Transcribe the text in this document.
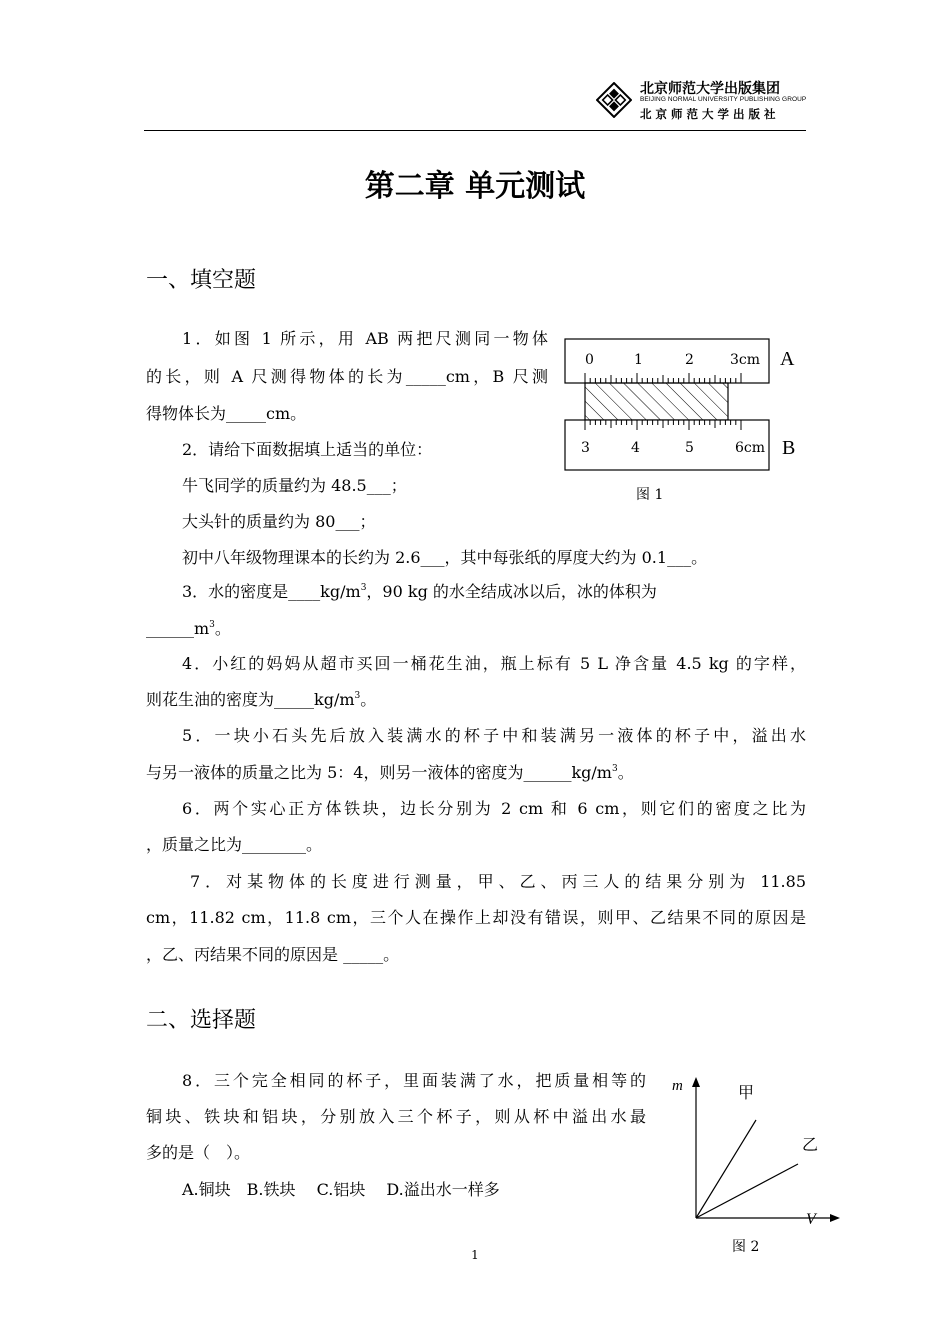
北京师范大学出版集团
BEIJING NORMAL UNIVERSITY PUBLISHING GROUP
北京师范大学出版社
第二章 单元测试
一、填空题
1．如图 1 所示，用 AB 两把尺测同一物体
的长，则 A 尺测得物体的长为_____cm，B 尺测
得物体长为_____cm。
2．请给下面数据填上适当的单位：
牛飞同学的质量约为 48.5___；
大头针的质量约为 80___；
初中八年级物理课本的长约为 2.6___，其中每张纸的厚度大约为 0.1___。
3．水的密度是$\_\_\_\_kg/m^3$，90 kg 的水全结成冰以后，冰的体积为
$\_\_\_\_\_\_m^3$。
4．小红的妈妈从超市买回一桶花生油，瓶上标有 5 L 净含量 4.5 kg 的字样，
则花生油的密度为$\_\_\_\_\_kg/m^3$。
5．一块小石头先后放入装满水的杯子中和装满另一液体的杯子中，溢出水
与另一液体的质量之比为 5：4，则另一液体的密度为$\_\_\_\_\_\_kg/m^3$。
6．两个实心正方体铁块，边长分别为 2 cm 和 6 cm，则它们的密度之比为
，质量之比为________。
7．对某物体的长度进行测量，甲、乙、丙三人的结果分别为 11.85
cm，11.82 cm，11.8 cm，三个人在操作上却没有错误，则甲、乙结果不同的原因是
，乙、丙结果不同的原因是 _____。
二、选择题
8．三个完全相同的杯子，里面装满了水，把质量相等的
铜块、铁块和铝块，分别放入三个杯子，则从杯中溢出水最
多的是（　）。
A.铜块　B.铁块　 C.铝块　 D.溢出水一样多
0	1	2	3cm
3	4	5	6cm
A
B
图 1
m
V
甲
乙
图 2
1
